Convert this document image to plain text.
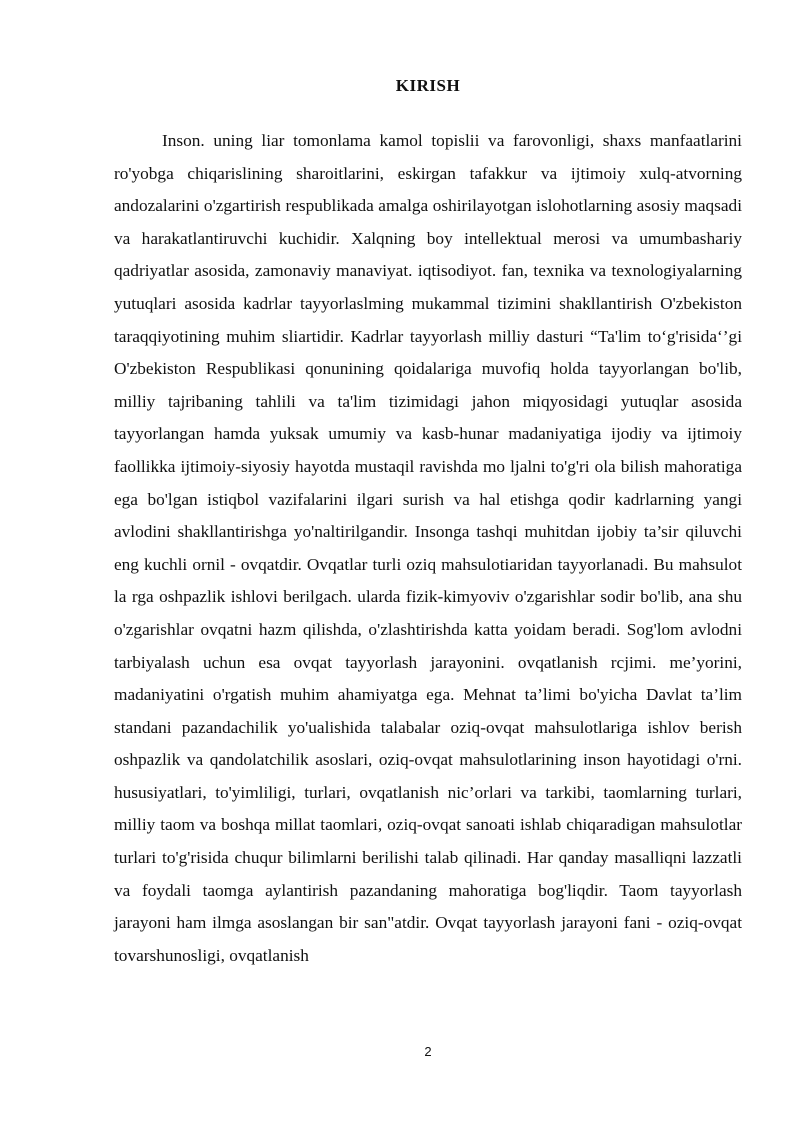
KIRISH

Inson. uning liar tomonlama kamol topislii va farovonligi, shaxs manfaatlarini ro'yobga chiqarislining sharoitlarini, eskirgan tafakkur va ijtimoiy xulq-atvorning andozalarini o'zgartirish respublikada amalga oshirilayotgan islohotlarning asosiy maqsadi va harakatlantiruvchi kuchidir. Xalqning boy intellektual merosi va umumbashariy qadriyatlar asosida, zamonaviy manaviyat. iqtisodiyot. fan, texnika va texnologiyalarning yutuqlari asosida kadrlar tayyorlaslming mukammal tizimini shakllantirish O'zbekiston taraqqiyotining muhim sliartidir. Kadrlar tayyorlash milliy dasturi “Ta'lim to‘g'risida‘’gi O'zbekiston Respublikasi qonunining qoidalariga muvofiq holda tayyorlangan bo'lib, milliy tajribaning tahlili va ta'lim tizimidagi jahon miqyosidagi yutuqlar asosida tayyorlangan hamda yuksak umumiy va kasb-hunar madaniyatiga ijodiy va ijtimoiy faollikka ijtimoiy-siyosiy hayotda mustaqil ravishda mo ljalni to'g'ri ola bilish mahoratiga ega bo'lgan istiqbol vazifalarini ilgari surish va hal etishga qodir kadrlarning yangi avlodini shakllantirishga yo'naltirilgandir. Insonga tashqi muhitdan ijobiy ta’sir qiluvchi eng kuchli ornil - ovqatdir. Ovqatlar turli oziq mahsulotiaridan tayyorlanadi. Bu mahsulot la rga oshpazlik ishlovi berilgach. ularda fizik-kimyoviv o'zgarishlar sodir bo'lib, ana shu o'zgarishlar ovqatni hazm qilishda, o'zlashtirishda katta yoidam beradi. Sog'lom avlodni tarbiyalash uchun esa ovqat tayyorlash jarayonini. ovqatlanish rcjimi. me’yorini, madaniyatini o'rgatish muhim ahamiyatga ega. Mehnat ta’limi bo'yicha Davlat ta’lim standani pazandachilik yo'ualishida talabalar oziq-ovqat mahsulotlariga ishlov berish oshpazlik va qandolatchilik asoslari, oziq-ovqat mahsulotlarining inson hayotidagi o'rni. hususiyatlari, to'yimliligi, turlari, ovqatlanish nic’orlari va tarkibi, taomlarning turlari, milliy taom va boshqa millat taomlari, oziq-ovqat sanoati ishlab chiqaradigan mahsulotlar turlari to'g'risida chuqur bilimlarni berilishi talab qilinadi. Har qanday masalliqni lazzatli va foydali taomga aylantirish pazandaning mahoratiga bog'liqdir. Taom tayyorlash jarayoni ham ilmga asoslangan bir san"atdir. Ovqat tayyorlash jarayoni fani - oziq-ovqat tovarshunosligi, ovqatlanish

2
